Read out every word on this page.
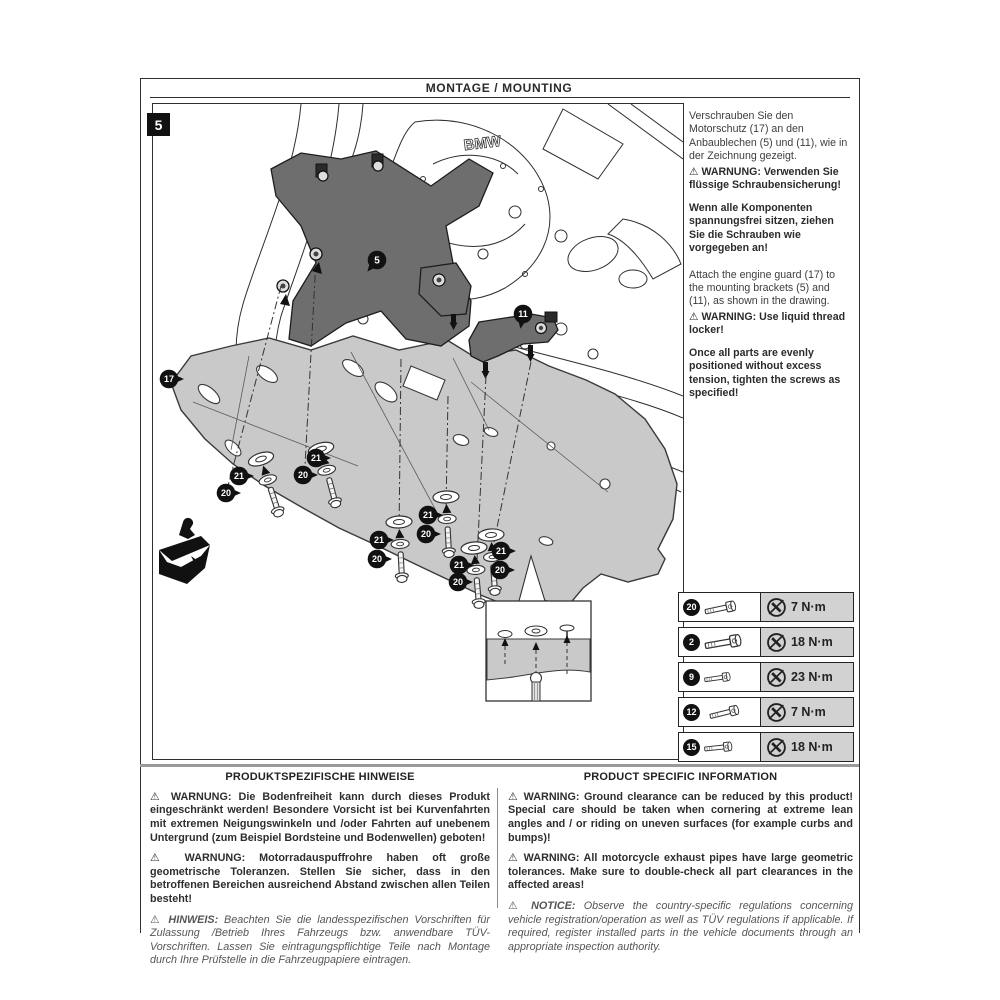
MONTAGE / MOUNTING
BMW
17
5
11
21
20
21
20
21
20
21
20
21
20
21
20
5
Verschrauben Sie den Motorschutz (17) an den Anbaublechen (5) und (11), wie in der Zeichnung gezeigt.
⚠ WARNUNG: Verwenden Sie flüssige Schraubensicherung!
Wenn alle Komponenten spannungsfrei sitzen, ziehen Sie die Schrauben wie vorgegeben an!
Attach the engine guard (17) to the mounting brackets (5) and (11), as shown in the drawing.
⚠ WARNING: Use liquid thread locker!
Once all parts are evenly positioned without excess tension, tighten the screws as specified!
20	7 N·m
2	18 N·m
9	23 N·m
12	7 N·m
15	18 N·m
PRODUKTSPEZIFISCHE HINWEISE
⚠ WARNUNG: Die Bodenfreiheit kann durch dieses Produkt eingeschränkt werden! Besondere Vorsicht ist bei Kurvenfahrten mit extremen Neigungswinkeln und /oder Fahrten auf unebenem Untergrund (zum Beispiel Bordsteine und Bodenwellen) geboten!
⚠ WARNUNG: Motorradauspuffrohre haben oft große geometrische Toleranzen. Stellen Sie sicher, dass in den betroffenen Bereichen ausreichend Abstand zwischen allen Teilen besteht!
⚠ HINWEIS: Beachten Sie die landesspezifischen Vorschriften für Zulassung /Betrieb Ihres Fahrzeugs bzw. anwendbare TÜV-Vorschriften. Lassen Sie eintragungspflichtige Teile nach Montage durch Ihre Prüfstelle in die Fahrzeugpapiere eintragen.
PRODUCT SPECIFIC INFORMATION
⚠ WARNING: Ground clearance can be reduced by this product! Special care should be taken when cornering at extreme lean angles and / or riding on uneven surfaces (for example curbs and bumps)!
⚠ WARNING: All motorcycle exhaust pipes have large geometric tolerances. Make sure to double-check all part clearances in the affected areas!
⚠ NOTICE: Observe the country-specific regulations concerning vehicle registration/operation as well as TÜV regulations if applicable. If required, register installed parts in the vehicle documents through an appropriate inspection authority.
